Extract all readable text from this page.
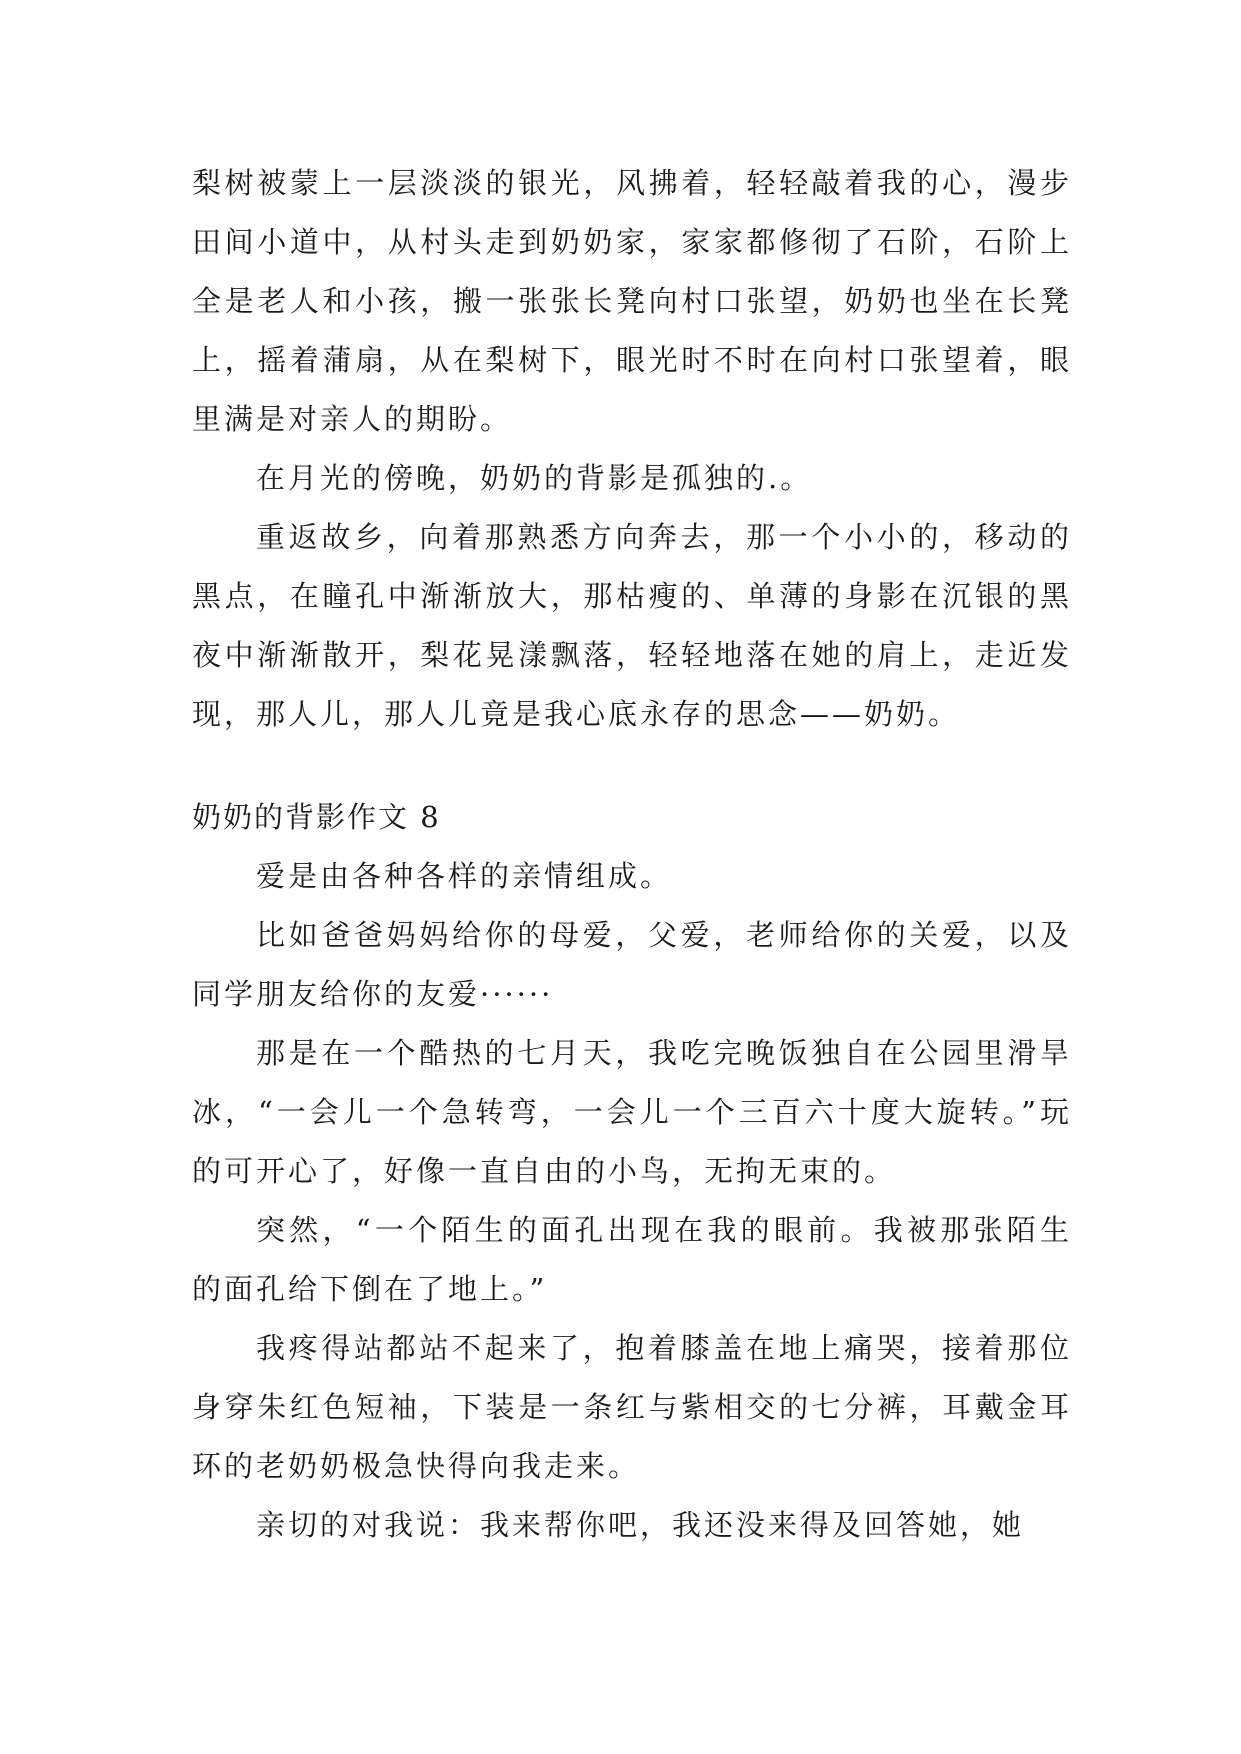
梨树被蒙上一层淡淡的银光，风拂着，轻轻敲着我的心，漫步田间小道中，从村头走到奶奶家，家家都修彻了石阶，石阶上全是老人和小孩，搬一张张长凳向村口张望，奶奶也坐在长凳上，摇着蒲扇，从在梨树下，眼光时不时在向村口张望着，眼里满是对亲人的期盼。

在月光的傍晚，奶奶的背影是孤独的.。

重返故乡，向着那熟悉方向奔去，那一个小小的，移动的黑点，在瞳孔中渐渐放大，那枯瘦的、单薄的身影在沉银的黑夜中渐渐散开，梨花晃漾飘落，轻轻地落在她的肩上，走近发现，那人儿，那人儿竟是我心底永存的思念——奶奶。

奶奶的背影作文 8

爱是由各种各样的亲情组成。

比如爸爸妈妈给你的母爱，父爱，老师给你的关爱，以及同学朋友给你的友爱······

那是在一个酷热的七月天，我吃完晚饭独自在公园里滑旱冰，“一会儿一个急转弯，一会儿一个三百六十度大旋转。”玩的可开心了，好像一直自由的小鸟，无拘无束的。

突然，“一个陌生的面孔出现在我的眼前。我被那张陌生的面孔给下倒在了地上。”

我疼得站都站不起来了，抱着膝盖在地上痛哭，接着那位身穿朱红色短袖，下装是一条红与紫相交的七分裤，耳戴金耳环的老奶奶极急快得向我走来。

亲切的对我说：我来帮你吧，我还没来得及回答她，她
